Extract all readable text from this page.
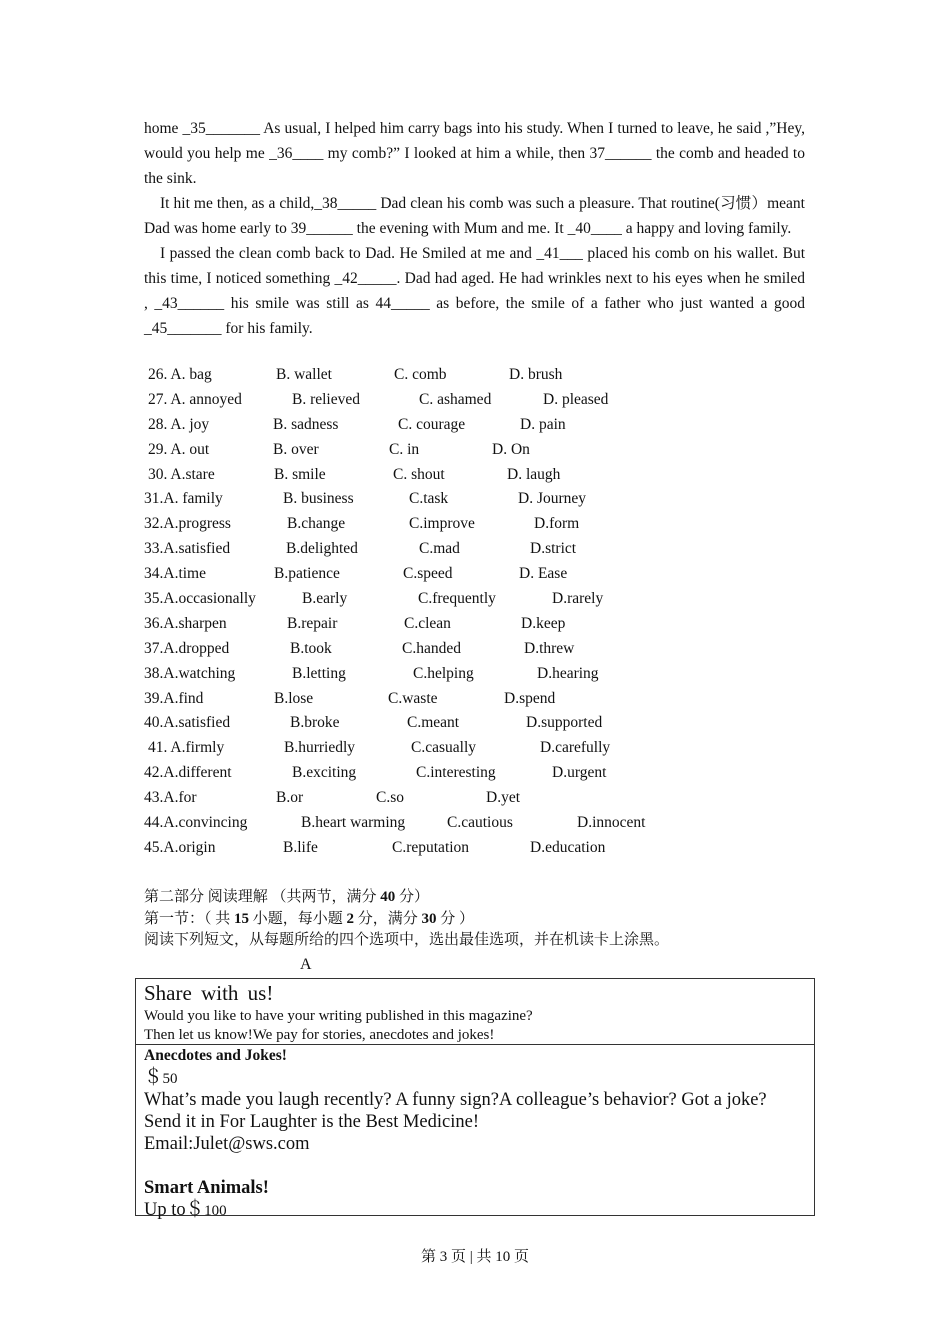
home _35_______ As usual, I helped him carry bags into his study. When I turned to leave, he said ,”Hey, would you help me _36____ my comb?” I looked at him a while, then 37______ the comb and headed to the sink.

It hit me then, as a child,_38_____ Dad clean his comb was such a pleasure. That routine(习惯）meant Dad was home early to 39______ the evening with Mum and me. It _40____ a happy and loving family.

I passed the clean comb back to Dad. He Smiled at me and _41___ placed his comb on his wallet. But this time, I noticed something _42_____. Dad had aged. He had wrinkles next to his eyes when he smiled , _43______ his smile was still as 44_____ as before, the smile of a father who just wanted a good _45_______ for his family.

26. A. bag	B. wallet	C. comb	D. brush
27. A. annoyed	B. relieved	C. ashamed	D. pleased
28. A. joy	B. sadness	C. courage	D. pain
29. A. out	B. over	C. in	D. On
30. A.stare	B. smile	C. shout	D. laugh
31.A. family	B. business	C.task	D. Journey
32.A.progress	B.change	C.improve	D.form
33.A.satisfied	B.delighted	C.mad	D.strict
34.A.time	B.patience	C.speed	D. Ease
35.A.occasionally	B.early	C.frequently	D.rarely
36.A.sharpen	B.repair	C.clean	D.keep
37.A.dropped	B.took	C.handed	D.threw
38.A.watching	B.letting	C.helping	D.hearing
39.A.find	B.lose	C.waste	D.spend
40.A.satisfied	B.broke	C.meant	D.supported
41. A.firmly	B.hurriedly	C.casually	D.carefully
42.A.different	B.exciting	C.interesting	D.urgent
43.A.for	B.or	C.so	D.yet
44.A.convincing	B.heart warming	C.cautious	D.innocent
45.A.origin	B.life	C.reputation	D.education
第二部分 阅读理解 （共两节，满分 40 分）
第一节：（ 共 15 小题，每小题 2 分，满分 30 分 ）
阅读下列短文，从每题所给的四个选项中，选出最佳选项，并在机读卡上涂黑。
A
Share with us!
Would you like to have your writing published in this magazine?
Then let us know!We pay for stories, anecdotes and jokes!
Anecdotes and Jokes!
＄50
What’s made you laugh recently? A funny sign?A colleague’s behavior? Got a joke?
Send it in For Laughter is the Best Medicine!
Email:Julet@sws.com
Smart Animals!
Up to＄100
第 3 页 | 共 10 页
